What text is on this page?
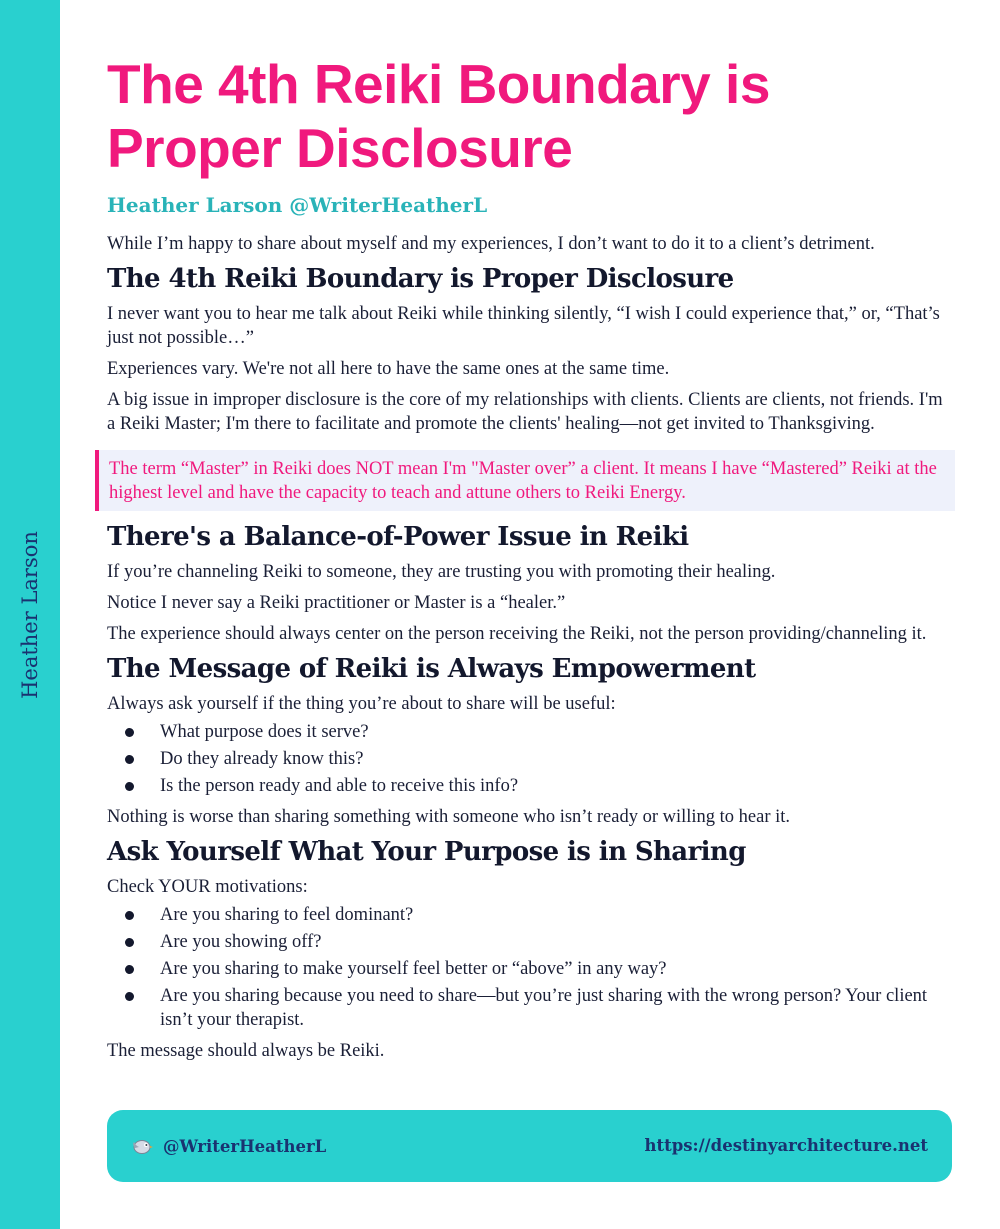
Heather Larson
The 4th Reiki Boundary is Proper Disclosure
Heather Larson @WriterHeatherL

While I’m happy to share about myself and my experiences, I don’t want to do it to a client’s detriment.

The 4th Reiki Boundary is Proper Disclosure

I never want you to hear me talk about Reiki while thinking silently, “I wish I could experience that,” or, “That’s just not possible…”

Experiences vary. We're not all here to have the same ones at the same time.

A big issue in improper disclosure is the core of my relationships with clients. Clients are clients, not friends. I'm a Reiki Master; I'm there to facilitate and promote the clients' healing—not get invited to Thanksgiving.

The term “Master” in Reiki does NOT mean I'm "Master over” a client. It means I have “Mastered” Reiki at the highest level and have the capacity to teach and attune others to Reiki Energy.
There's a Balance-of-Power Issue in Reiki

If you’re channeling Reiki to someone, they are trusting you with promoting their healing.

Notice I never say a Reiki practitioner or Master is a “healer.”

The experience should always center on the person receiving the Reiki, not the person providing/channeling it.

The Message of Reiki is Always Empowerment

Always ask yourself if the thing you’re about to share will be useful:

What purpose does it serve?
Do they already know this?
Is the person ready and able to receive this info?

Nothing is worse than sharing something with someone who isn’t ready or willing to hear it.

Ask Yourself What Your Purpose is in Sharing

Check YOUR motivations:

Are you sharing to feel dominant?
Are you showing off?
Are you sharing to make yourself feel better or “above” in any way?
Are you sharing because you need to share—but you’re just sharing with the wrong person? Your client isn’t your therapist.

The message should always be Reiki.

@WriterHeatherL	https://destinyarchitecture.net
